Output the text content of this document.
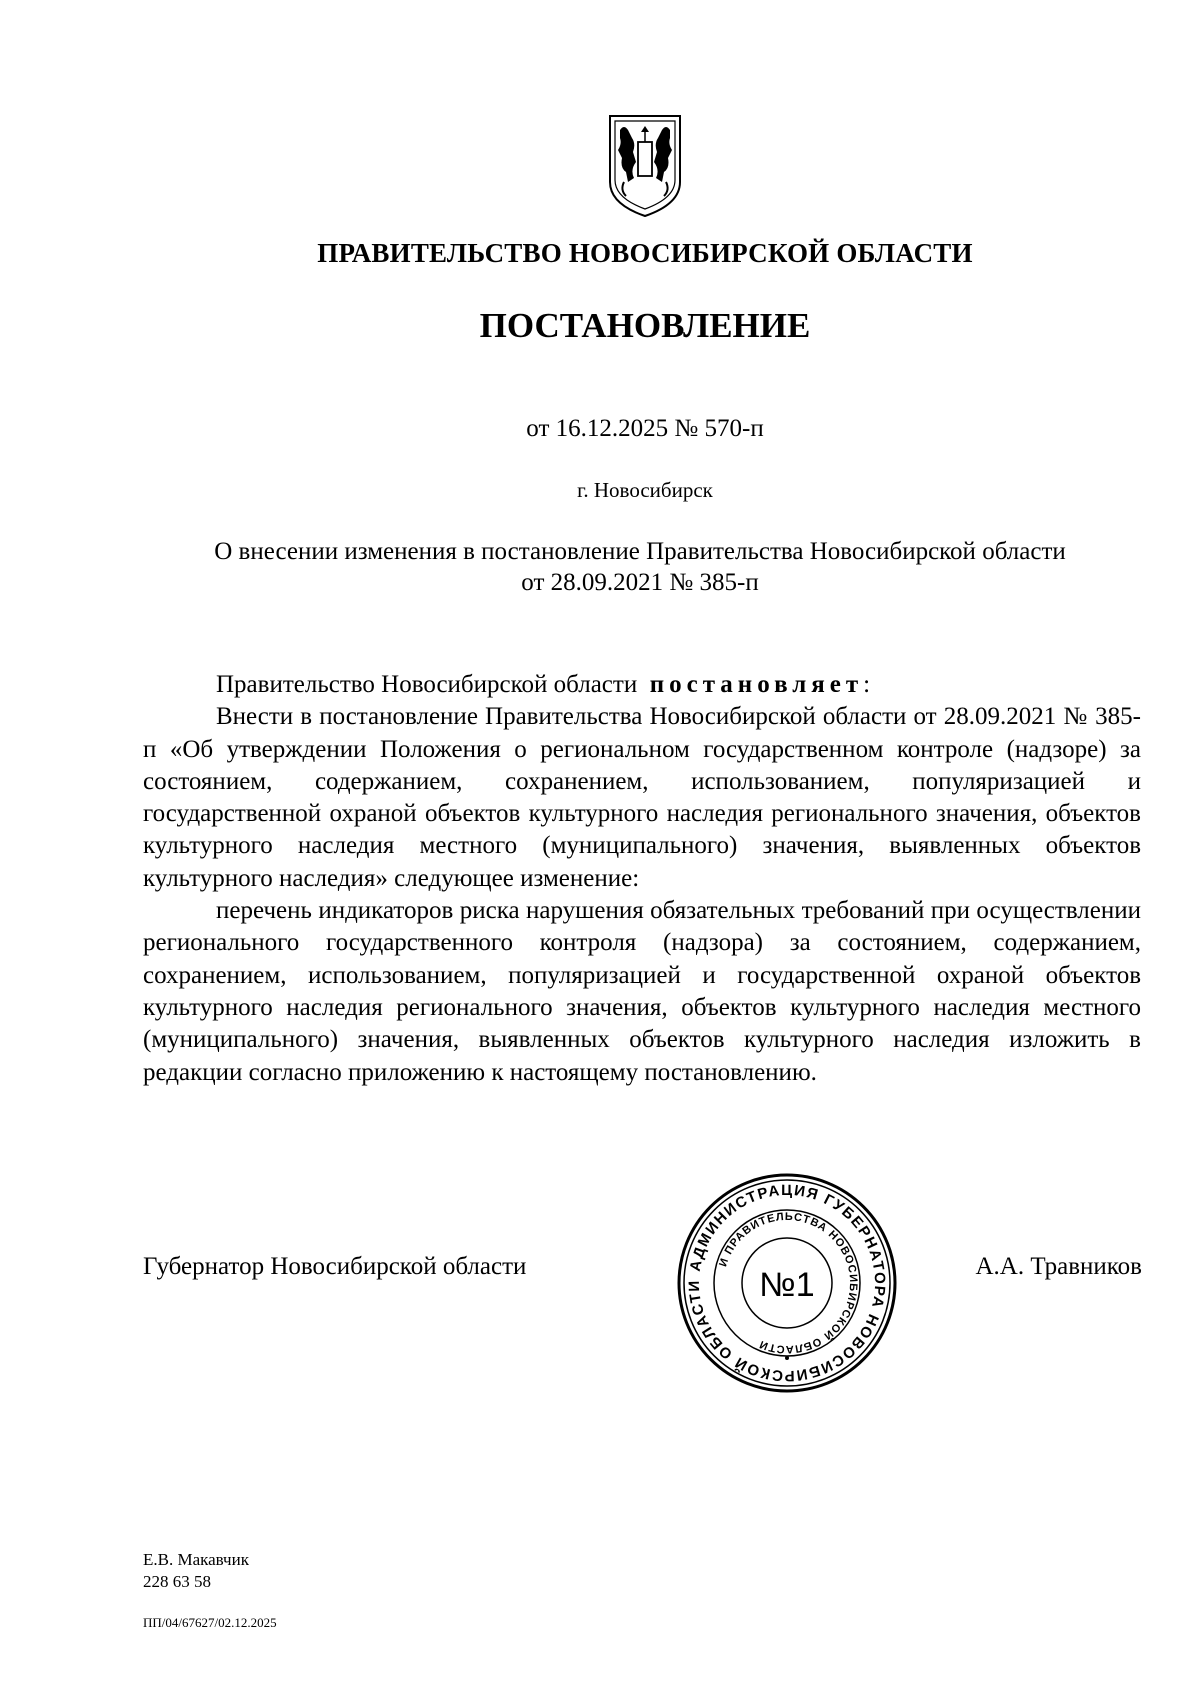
ПРАВИТЕЛЬСТВО НОВОСИБИРСКОЙ ОБЛАСТИ
ПОСТАНОВЛЕНИЕ
от 16.12.2025 № 570-п
г. Новосибирск
О внесении изменения в постановление Правительства Новосибирской области
от 28.09.2021 № 385-п

Правительство Новосибирской области постановляет:

Внести в постановление Правительства Новосибирской области от 28.09.2021 № 385-п «Об утверждении Положения о региональном государственном контроле (надзоре) за состоянием, содержанием, сохранением, использованием, популяризацией и государственной охраной объектов культурного наследия регионального значения, объектов культурного наследия местного (муниципального) значения, выявленных объектов культурного наследия» следующее изменение:

перечень индикаторов риска нарушения обязательных требований при осуществлении регионального государственного контроля (надзора) за состоянием, содержанием, сохранением, использованием, популяризацией и государственной охраной объектов культурного наследия регионального значения, объектов культурного наследия местного (муниципального) значения, выявленных объектов культурного наследия изложить в редакции согласно приложению к настоящему постановлению.

Губернатор Новосибирской области	А.А. Травников
АДМИНИСТРАЦИЯ ГУБЕРНАТОРА НОВОСИБИРСКОЙ ОБЛАСТИ
И ПРАВИТЕЛЬСТВА НОВОСИБИРСКОЙ ОБЛАСТИ
№1
Е.В. Макавчик
228 63 58
ПП/04/67627/02.12.2025
